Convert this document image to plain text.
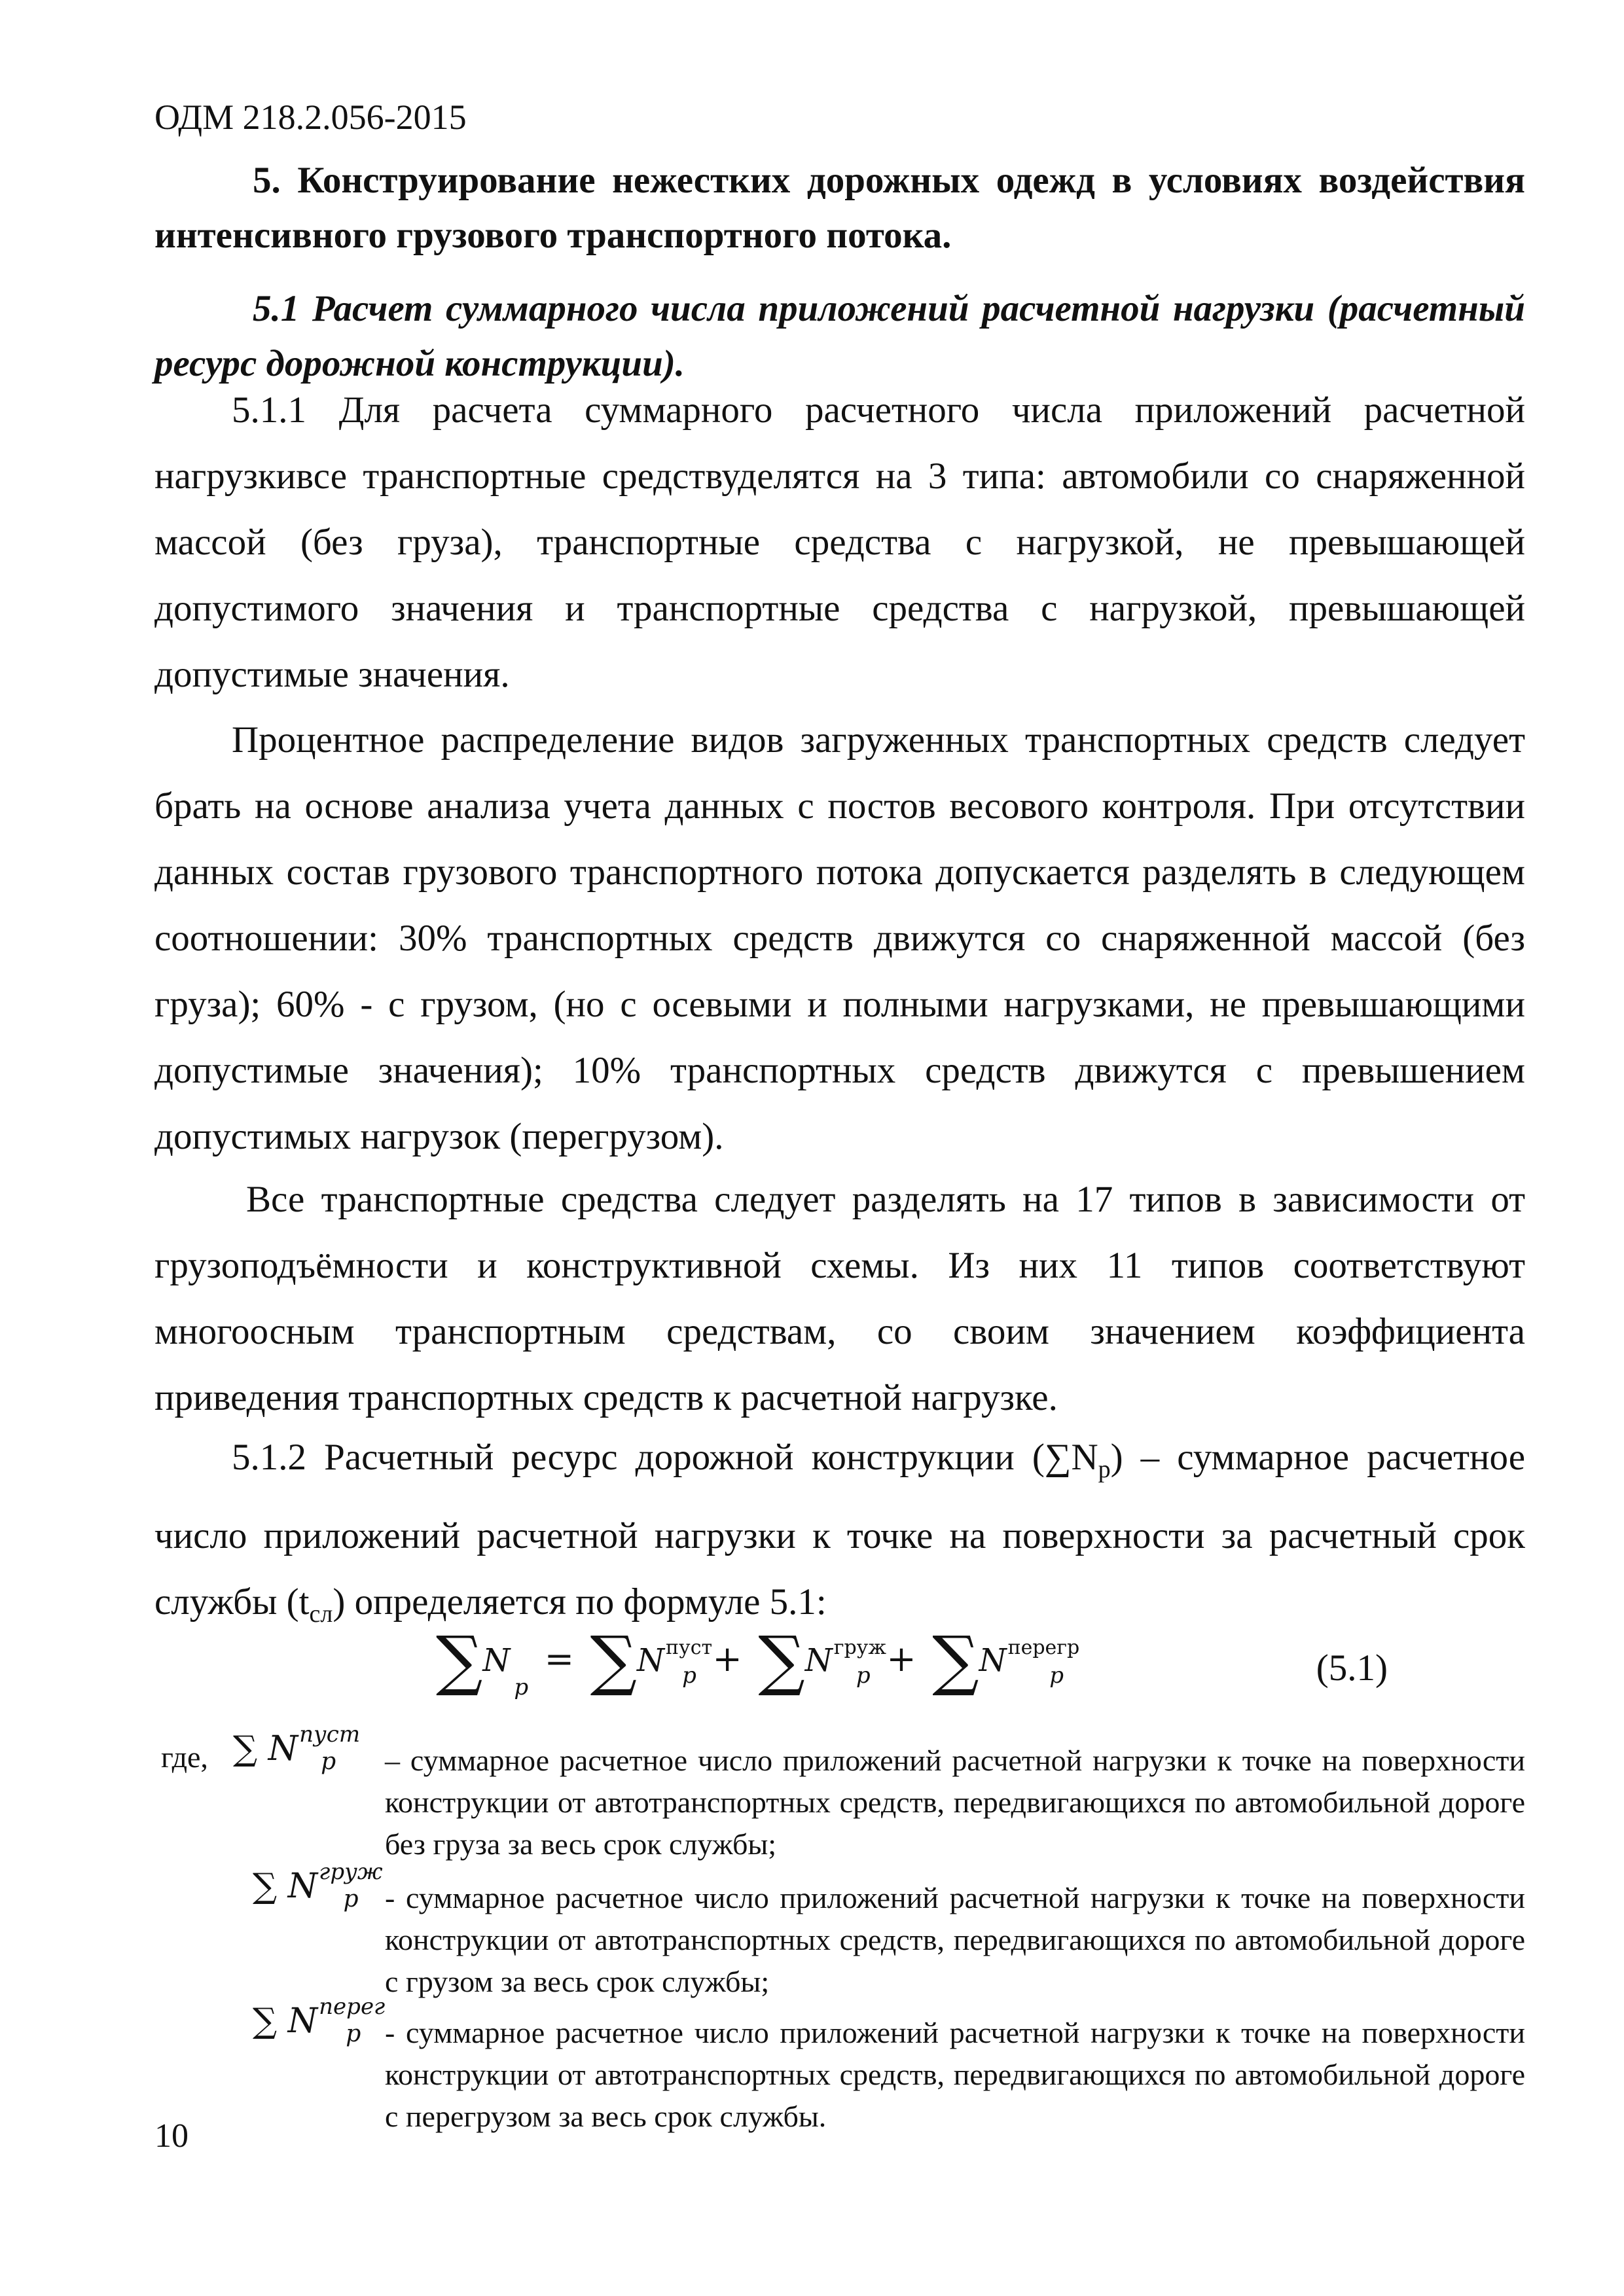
ОДМ 218.2.056-2015
5. Конструирование нежестких дорожных одежд в условиях воздействия интенсивного грузового транспортного потока.
5.1 Расчет суммарного числа приложений расчетной нагрузки (расчетный ресурс дорожной конструкции).
5.1.1 Для расчета суммарного расчетного числа приложений расчетной нагрузкивсе транспортные средствуделятся на 3 типа: автомобили со снаряженной массой (без груза), транспортные средства с нагрузкой, не превышающей допустимого значения и транспортные средства с нагрузкой, превышающей допустимые значения.
Процентное распределение видов загруженных транспортных средств следует брать на основе анализа учета данных с постов весового контроля. При отсутствии данных состав грузового транспортного потока допускается разделять в следующем соотношении: 30% транспортных средств движутся со снаряженной массой (без груза); 60% - с грузом, (но с осевыми и полными нагрузками, не превышающими допустимые значения); 10% транспортных средств движутся с превышением допустимых нагрузок (перегрузом).
Все транспортные средства следует разделять на 17 типов в зависимости от грузоподъёмности и конструктивной схемы. Из них 11 типов соответствуют многоосным транспортным средствам, со своим значением коэффициента приведения транспортных средств к расчетной нагрузке.
5.1.2 Расчетный ресурс дорожной конструкции $(\sum N_p)$ – суммарное расчетное число приложений расчетной нагрузки к точке на поверхности за расчетный срок службы $(t_{сл})$ определяется по формуле 5.1:
$\sum N_p = \sum N^{пуст}_p + \sum N^{груж}_p + \sum N^{перегр}_p$	(5.1)
где, ∑ $N^{пуст}_p$ – суммарное расчетное число приложений расчетной нагрузки к точке на поверхности конструкции от автотранспортных средств, передвигающихся по автомобильной дороге без груза за весь срок службы;
∑ $N^{груж}_p$ - суммарное расчетное число приложений расчетной нагрузки к точке на поверхности конструкции от автотранспортных средств, передвигающихся по автомобильной дороге с грузом за весь срок службы;
∑ $N^{перег}_p$ - суммарное расчетное число приложений расчетной нагрузки к точке на поверхности конструкции от автотранспортных средств, передвигающихся по автомобильной дороге с перегрузом за весь срок службы.
10
